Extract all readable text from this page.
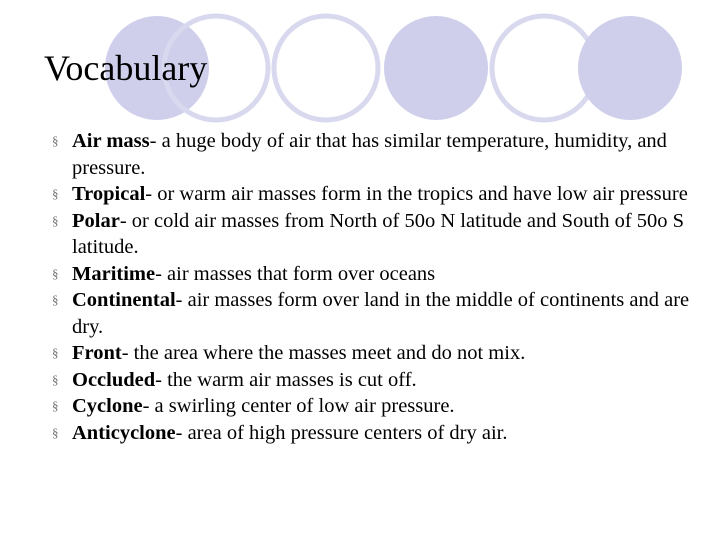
Vocabulary
§ Air mass- a huge body of air that has similar temperature, humidity, and pressure.
§ Tropical- or warm air masses form in the tropics and have low air pressure
§ Polar- or cold air masses from North of 50o N latitude and South of 50o S latitude.
§ Maritime- air masses that form over oceans
§ Continental- air masses form over land in the middle of continents and are dry.
§ Front- the area where the masses meet and do not mix.
§ Occluded- the warm air masses is cut off.
§ Cyclone- a swirling center of low air pressure.
§ Anticyclone- area of high pressure centers of dry air.
